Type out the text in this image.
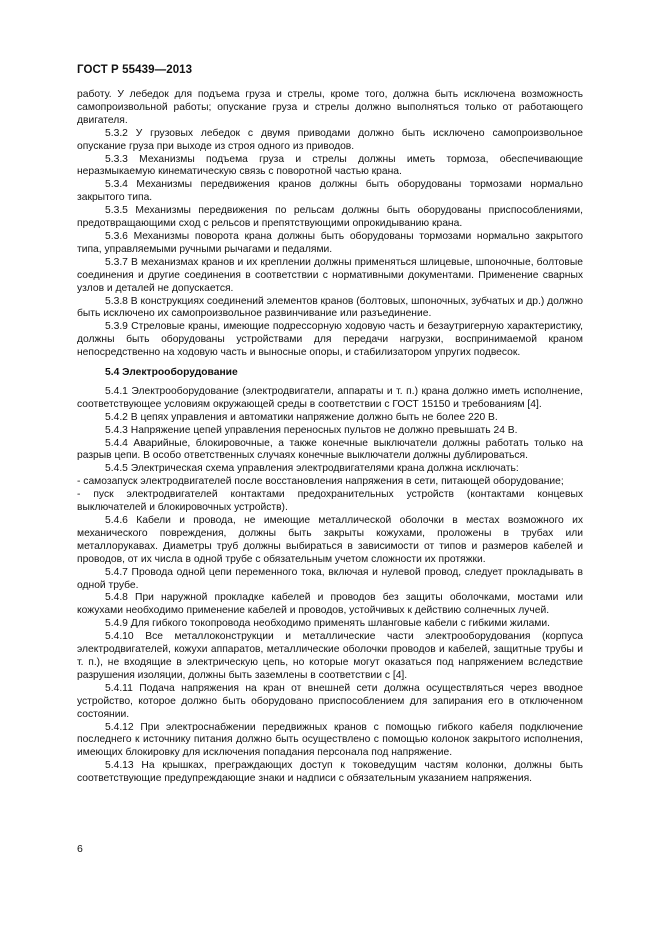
ГОСТ Р 55439—2013

работу. У лебедок для подъема груза и стрелы, кроме того, должна быть исключена возможность самопроизвольной работы; опускание груза и стрелы должно выполняться только от работающего двигателя.

5.3.2 У грузовых лебедок с двумя приводами должно быть исключено самопроизвольное опускание груза при выходе из строя одного из приводов.

5.3.3 Механизмы подъема груза и стрелы должны иметь тормоза, обеспечивающие неразмыкаемую кинематическую связь с поворотной частью крана.

5.3.4 Механизмы передвижения кранов должны быть оборудованы тормозами нормально закрытого типа.

5.3.5 Механизмы передвижения по рельсам должны быть оборудованы приспособлениями, предотвращающими сход с рельсов и препятствующими опрокидыванию крана.

5.3.6 Механизмы поворота крана должны быть оборудованы тормозами нормально закрытого типа, управляемыми ручными рычагами и педалями.

5.3.7 В механизмах кранов и их креплении должны применяться шлицевые, шпоночные, болтовые соединения и другие соединения в соответствии с нормативными документами. Применение сварных узлов и деталей не допускается.

5.3.8 В конструкциях соединений элементов кранов (болтовых, шпоночных, зубчатых и др.) должно быть исключено их самопроизвольное развинчивание или разъединение.

5.3.9 Стреловые краны, имеющие подрессорную ходовую часть и безаутригерную характеристику, должны быть оборудованы устройствами для передачи нагрузки, воспринимаемой краном непосредственно на ходовую часть и выносные опоры, и стабилизатором упругих подвесок.

5.4 Электрооборудование

5.4.1 Электрооборудование (электродвигатели, аппараты и т. п.) крана должно иметь исполнение, соответствующее условиям окружающей среды в соответствии с ГОСТ 15150 и требованиям [4].

5.4.2 В цепях управления и автоматики напряжение должно быть не более 220 В.

5.4.3 Напряжение цепей управления переносных пультов не должно превышать 24 В.

5.4.4 Аварийные, блокировочные, а также конечные выключатели должны работать только на разрыв цепи. В особо ответственных случаях конечные выключатели должны дублироваться.

5.4.5 Электрическая схема управления электродвигателями крана должна исключать:

- самозапуск электродвигателей после восстановления напряжения в сети, питающей оборудование;

- пуск электродвигателей контактами предохранительных устройств (контактами концевых выключателей и блокировочных устройств).

5.4.6 Кабели и провода, не имеющие металлической оболочки в местах возможного их механического повреждения, должны быть закрыты кожухами, проложены в трубах или металлорукавах. Диаметры труб должны выбираться в зависимости от типов и размеров кабелей и проводов, от их числа в одной трубе с обязательным учетом сложности их протяжки.

5.4.7 Провода одной цепи переменного тока, включая и нулевой провод, следует прокладывать в одной трубе.

5.4.8 При наружной прокладке кабелей и проводов без защиты оболочками, мостами или кожухами необходимо применение кабелей и проводов, устойчивых к действию солнечных лучей.

5.4.9 Для гибкого токопровода необходимо применять шланговые кабели с гибкими жилами.

5.4.10 Все металлоконструкции и металлические части электрооборудования (корпуса электродвигателей, кожухи аппаратов, металлические оболочки проводов и кабелей, защитные трубы и т. п.), не входящие в электрическую цепь, но которые могут оказаться под напряжением вследствие разрушения изоляции, должны быть заземлены в соответствии с [4].

5.4.11 Подача напряжения на кран от внешней сети должна осуществляться через вводное устройство, которое должно быть оборудовано приспособлением для запирания его в отключенном состоянии.

5.4.12 При электроснабжении передвижных кранов с помощью гибкого кабеля подключение последнего к источнику питания должно быть осуществлено с помощью колонок закрытого исполнения, имеющих блокировку для исключения попадания персонала под напряжение.

5.4.13 На крышках, преграждающих доступ к токоведущим частям колонки, должны быть соответствующие предупреждающие знаки и надписи с обязательным указанием напряжения.

6
